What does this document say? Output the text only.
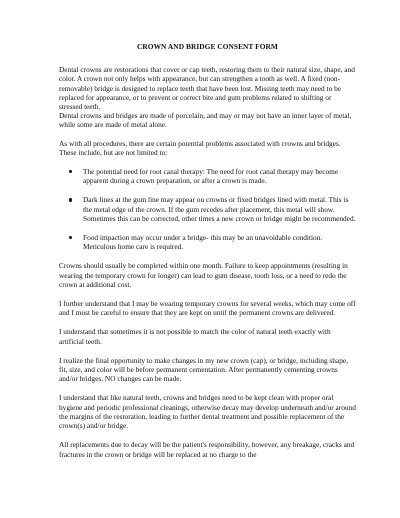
CROWN AND BRIDGE CONSENT FORM

Dental crowns are restorations that cover or cap teeth, restoring them to their natural size, shape, and color. A crown not only helps with appearance, but can strengthen a tooth as well. A fixed (non-removable) bridge is designed to replace teeth that have been lost. Missing teeth may need to be replaced for appearance, or to prevent or correct bite and gum problems related to shifting or stressed teeth.

Dental crowns and bridges are made of porcelain, and may or may not have an inner layer of metal, while some are made of metal alone.

As with all procedures, there are certain potential problems associated with crowns and bridges. These include, but are not limited to:

The potential need for root canal therapy: The need for root canal therapy may become apparent during a crown preparation, or after a crown is made.
Dark lines at the gum line may appear on crowns or fixed bridges lined with metal. This is the metal edge of the crown. If the gum recedes after placement, this metal will show. Sometimes this can be corrected, other times a new crown or bridge might be recommended.
Food impaction may occur under a bridge- this may be an unavoidable condition. Meticulous home care is required.

Crowns should usually be completed within one month. Failure to keep appointments (resulting in wearing the temporary crown for longer) can lead to gum disease, tooth loss, or a need to redo the crown at additional cost.

I further understand that I may be wearing temporary crowns for several weeks, which may come off and I must be careful to ensure that they are kept on until the permanent crowns are delivered.

I understand that sometimes it is not possible to match the color of natural teeth exactly with artificial teeth.

I realize the final opportunity to make changes in my new crown (cap), or bridge, including shape, fit, size, and color will be before permanent cementation. After permanently cementing crowns and/or bridges, NO changes can be made.

I understand that like natural teeth, crowns and bridges need to be kept clean with proper oral hygiene and periodic professional cleanings, otherwise decay may develop underneath and/or around the margins of the restoration, leading to further dental treatment and possible replacement of the crown(s) and/or bridge.

All replacements due to decay will be the patient's responsibility, however, any breakage, cracks and fractures in the crown or bridge will be replaced at no charge to the
